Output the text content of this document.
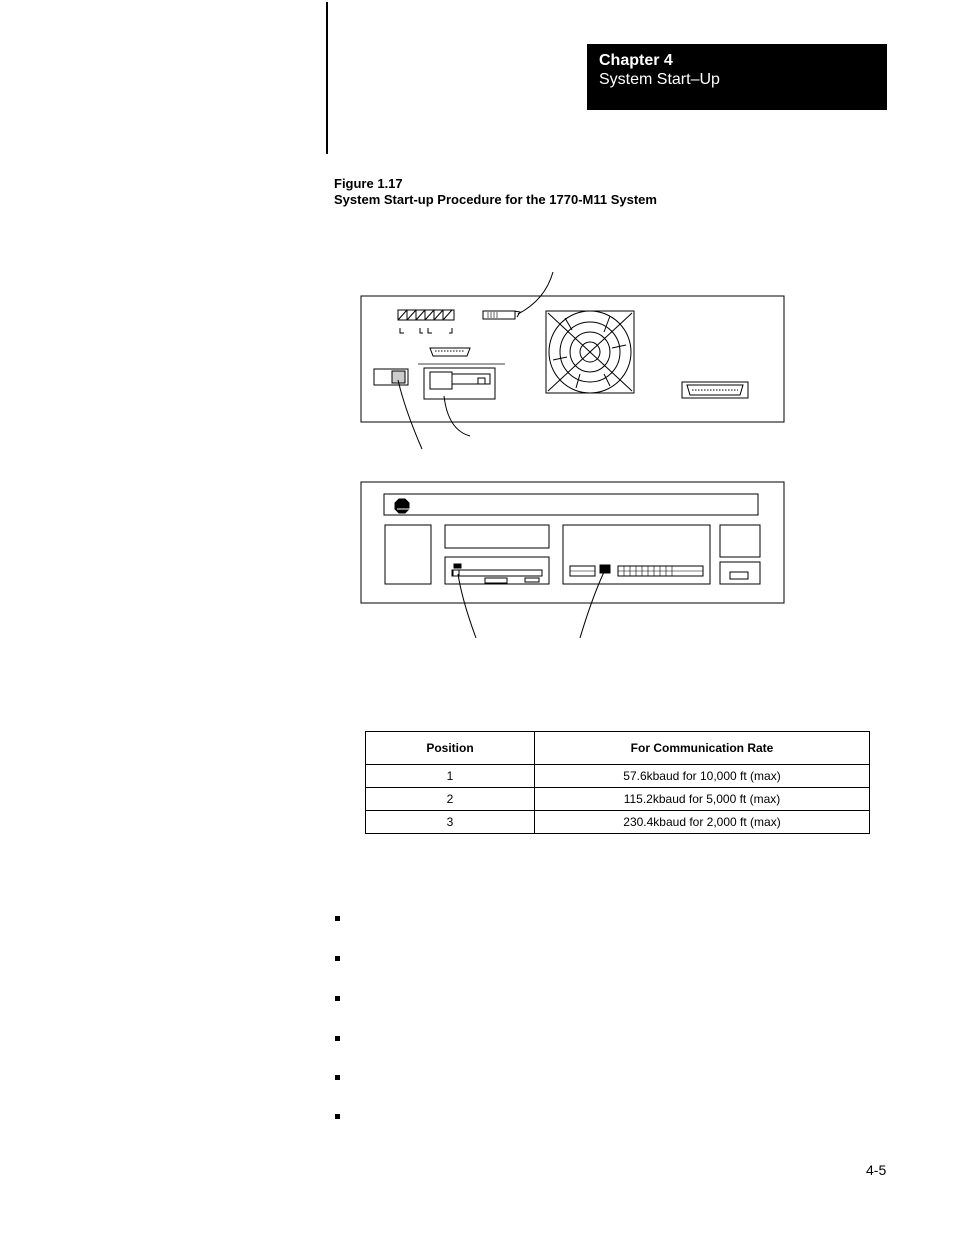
Chapter 4
System Start–Up
Figure 1.17
System Start-up Procedure for the 1770-M11 System
Position	For Communication Rate
1	57.6kbaud for 10,000 ft (max)
2	115.2kbaud for 5,000 ft (max)
3	230.4kbaud for 2,000 ft (max)
4-5
